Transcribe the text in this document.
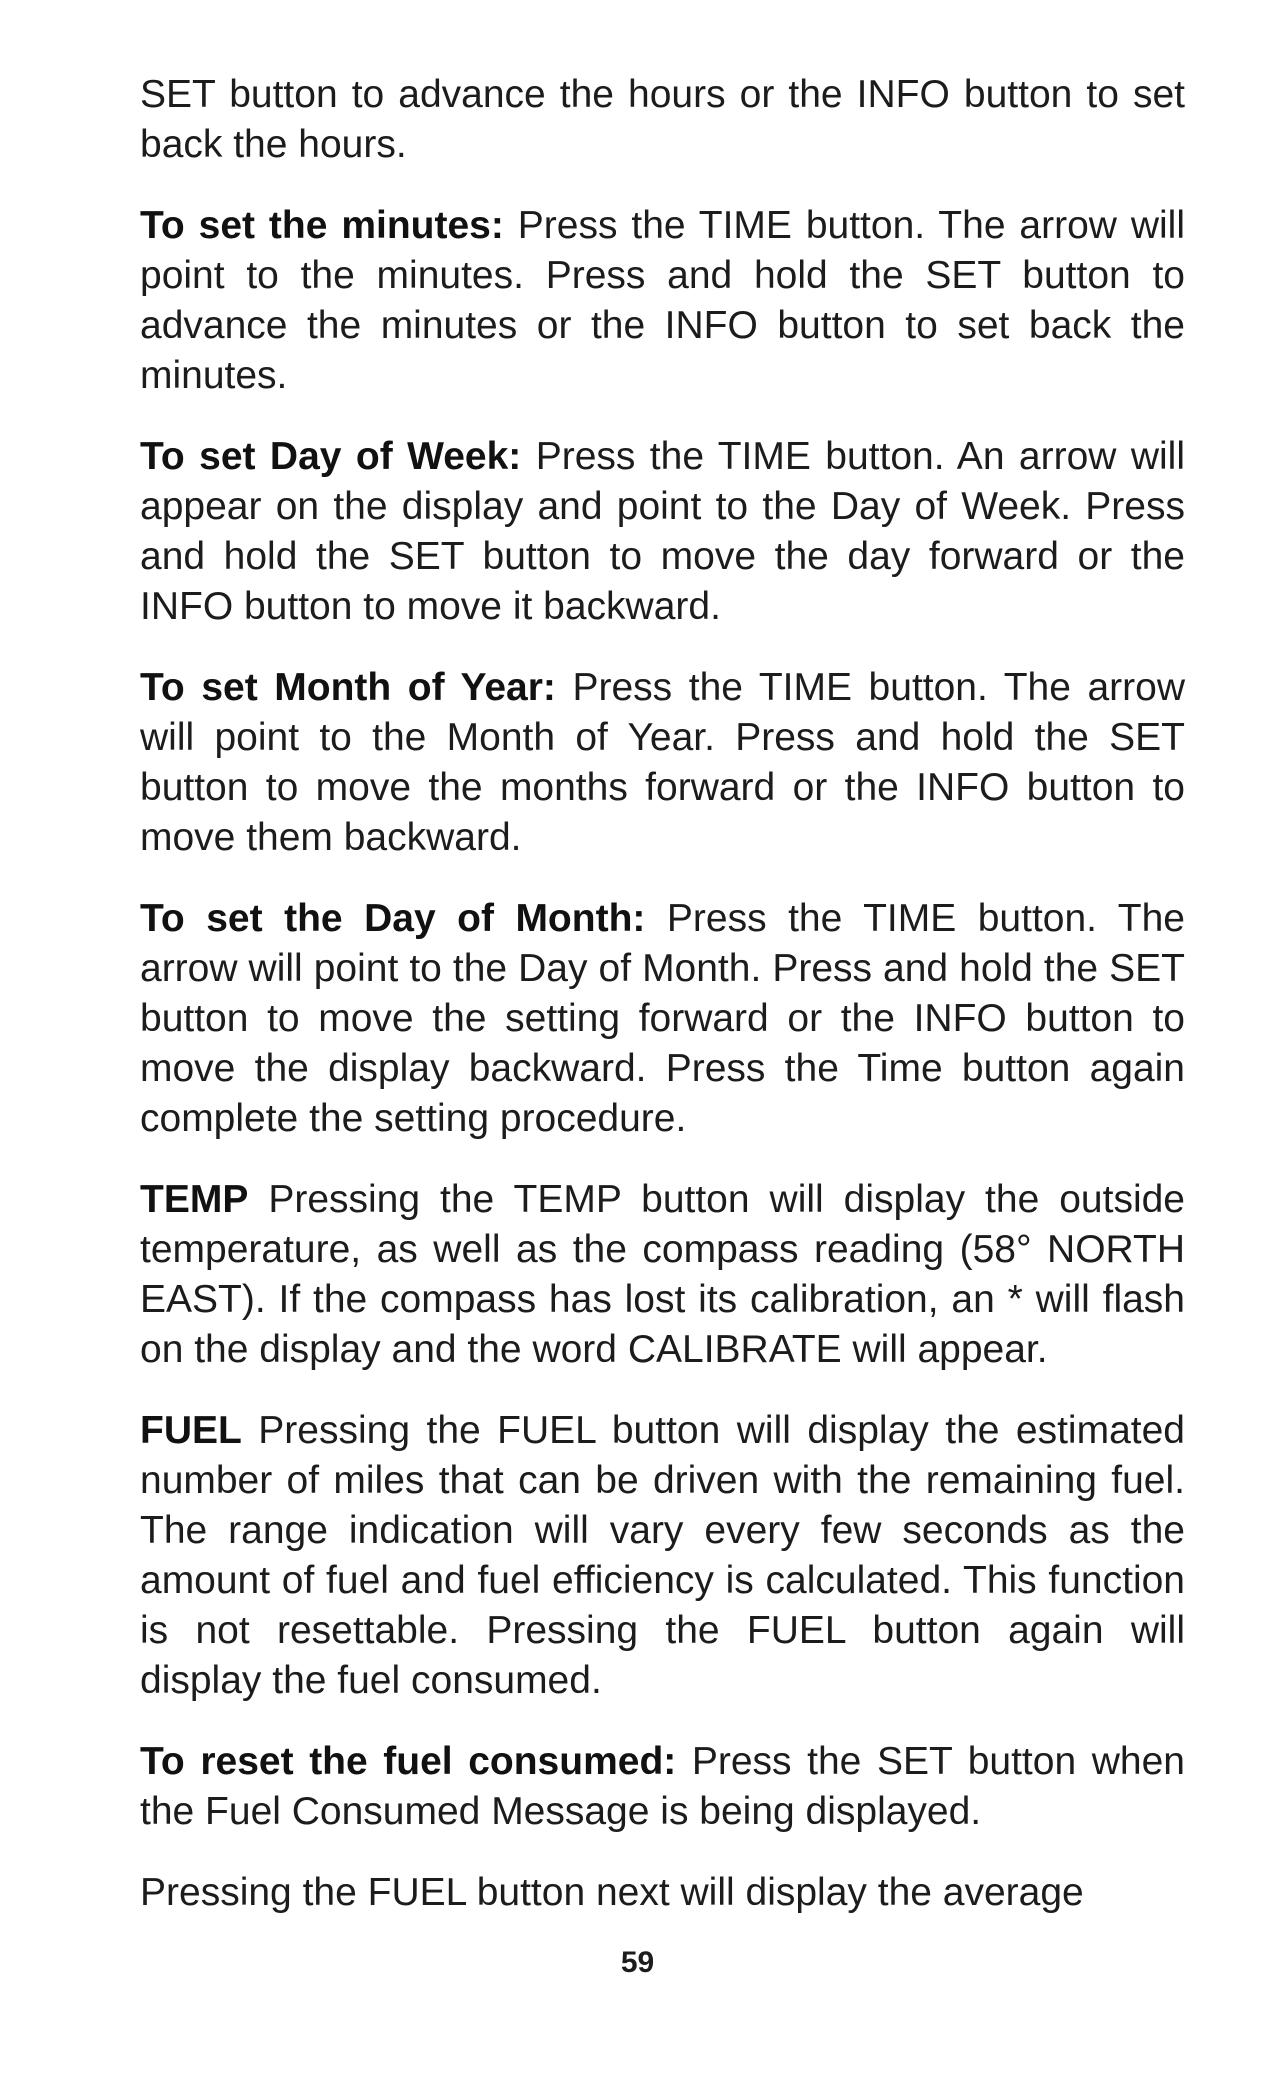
SET button to advance the hours or the INFO button to set back the hours.

To set the minutes: Press the TIME button. The arrow will point to the minutes. Press and hold the SET button to advance the minutes or the INFO button to set back the minutes.

To set Day of Week: Press the TIME button. An arrow will appear on the display and point to the Day of Week. Press and hold the SET button to move the day forward or the INFO button to move it backward.

To set Month of Year: Press the TIME button. The arrow will point to the Month of Year. Press and hold the SET button to move the months forward or the INFO button to move them backward.

To set the Day of Month: Press the TIME button. The arrow will point to the Day of Month. Press and hold the SET button to move the setting forward or the INFO button to move the display backward. Press the Time button again complete the setting procedure.

TEMP Pressing the TEMP button will display the outside temperature, as well as the compass reading (58° NORTH EAST). If the compass has lost its calibration, an * will flash on the display and the word CALIBRATE will appear.

FUEL Pressing the FUEL button will display the estimated number of miles that can be driven with the remaining fuel. The range indication will vary every few seconds as the amount of fuel and fuel efficiency is calculated. This function is not resettable. Pressing the FUEL button again will display the fuel consumed.

To reset the fuel consumed: Press the SET button when the Fuel Consumed Message is being displayed.

Pressing the FUEL button next will display the average

59
